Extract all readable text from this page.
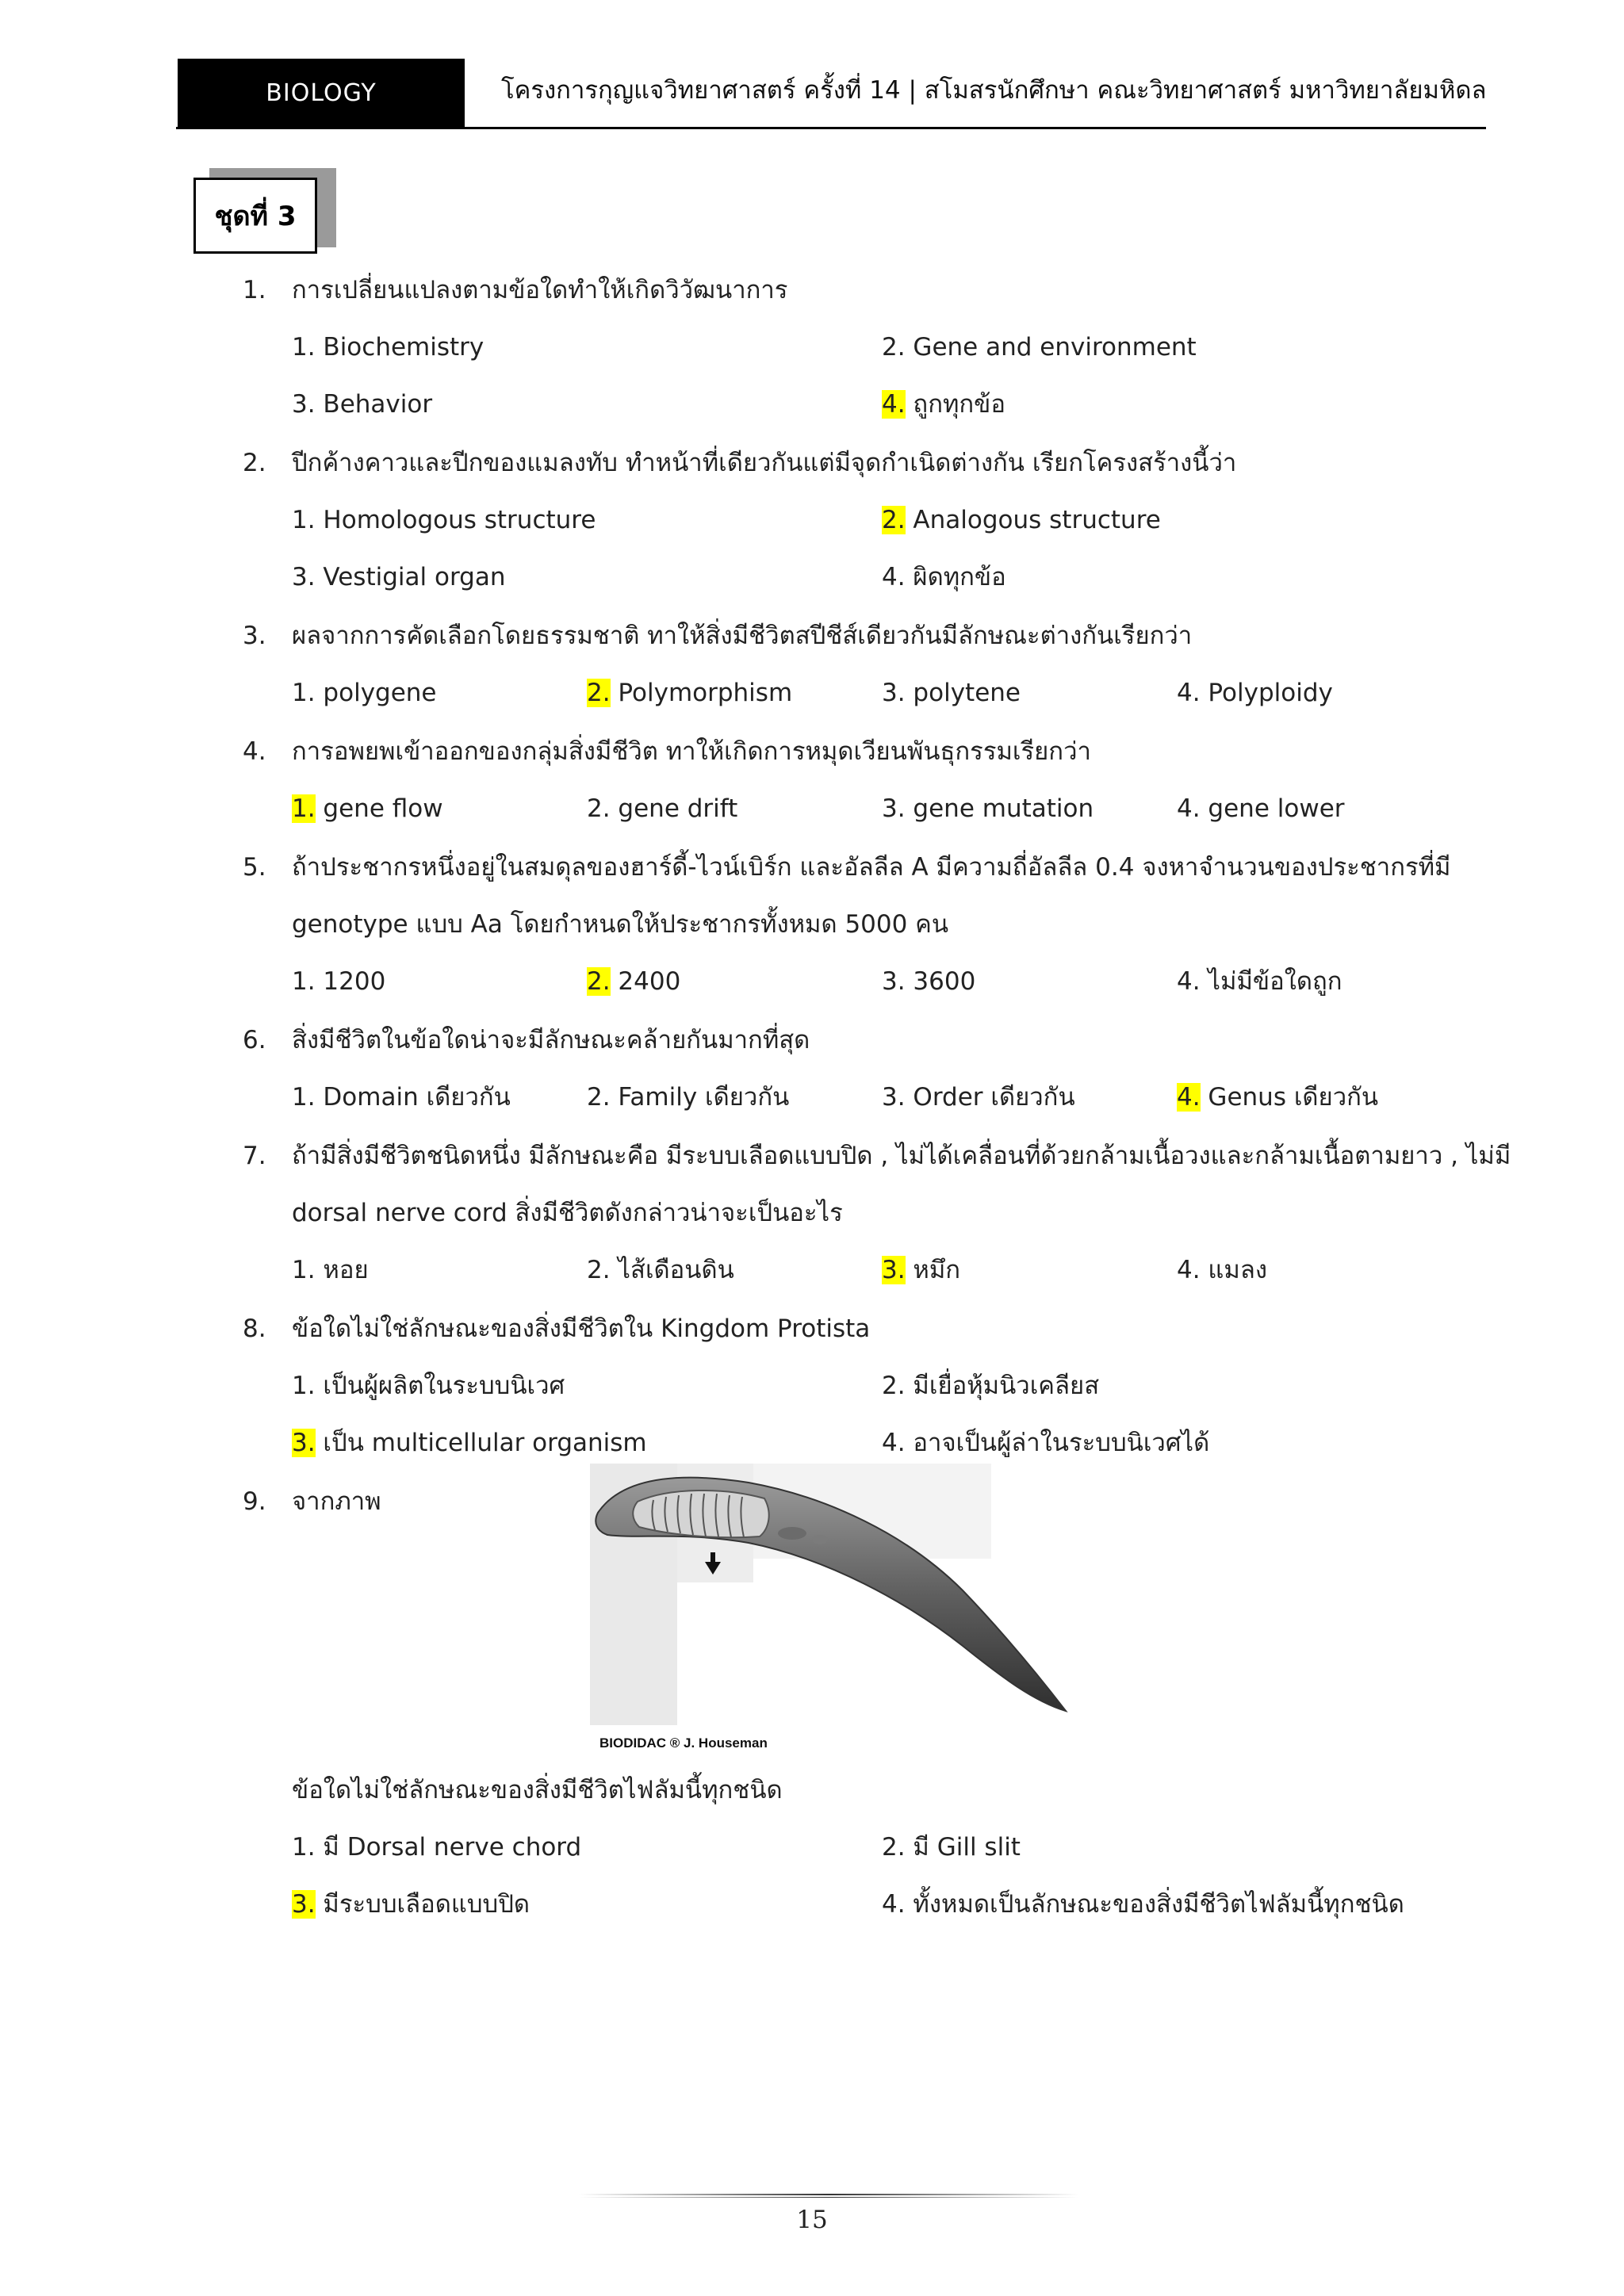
BIOLOGY	โครงการกุญแจวิทยาศาสตร์ ครั้งที่ 14 | สโมสรนักศึกษา คณะวิทยาศาสตร์ มหาวิทยาลัยมหิดล
ชุดที่ 3
1. การเปลี่ยนแปลงตามข้อใดทำให้เกิดวิวัฒนาการ
1. Biochemistry	2. Gene and environment
3. Behavior	4. ถูกทุกข้อ
2. ปีกค้างคาวและปีกของแมลงทับ ทำหน้าที่เดียวกันแต่มีจุดกำเนิดต่างกัน เรียกโครงสร้างนี้ว่า
1. Homologous structure	2. Analogous structure
3. Vestigial organ	4. ผิดทุกข้อ
3. ผลจากการคัดเลือกโดยธรรมชาติ ทาให้สิ่งมีชีวิตสปีชีส์เดียวกันมีลักษณะต่างกันเรียกว่า
1. polygene	2. Polymorphism	3. polytene	4. Polyploidy
4. การอพยพเข้าออกของกลุ่มสิ่งมีชีวิต ทาให้เกิดการหมุดเวียนพันธุกรรมเรียกว่า
1. gene flow	2. gene drift	3. gene mutation	4. gene lower
5. ถ้าประชากรหนึ่งอยู่ในสมดุลของฮาร์ดี้-ไวน์เบิร์ก และอัลลีล A มีความถี่อัลลีล 0.4 จงหาจำนวนของประชากรที่มี
genotype แบบ Aa โดยกำหนดให้ประชากรทั้งหมด 5000 คน
1. 1200	2. 2400	3. 3600	4. ไม่มีข้อใดถูก
6. สิ่งมีชีวิตในข้อใดน่าจะมีลักษณะคล้ายกันมากที่สุด
1. Domain เดียวกัน	2. Family เดียวกัน	3. Order เดียวกัน	4. Genus เดียวกัน
7. ถ้ามีสิ่งมีชีวิตชนิดหนึ่ง มีลักษณะคือ มีระบบเลือดแบบปิด , ไม่ได้เคลื่อนที่ด้วยกล้ามเนื้อวงและกล้ามเนื้อตามยาว , ไม่มี
dorsal nerve cord สิ่งมีชีวิตดังกล่าวน่าจะเป็นอะไร
1. หอย	2. ไส้เดือนดิน	3. หมึก	4. แมลง
8. ข้อใดไม่ใช่ลักษณะของสิ่งมีชีวิตใน Kingdom Protista
1. เป็นผู้ผลิตในระบบนิเวศ	2. มีเยื่อหุ้มนิวเคลียส
3. เป็น multicellular organism	4. อาจเป็นผู้ล่าในระบบนิเวศได้
9. จากภาพ
BIODIDAC ® J. Houseman
ข้อใดไม่ใช่ลักษณะของสิ่งมีชีวิตไฟลัมนี้ทุกชนิด
1. มี Dorsal nerve chord	2. มี Gill slit
3. มีระบบเลือดแบบปิด	4. ทั้งหมดเป็นลักษณะของสิ่งมีชีวิตไฟลัมนี้ทุกชนิด
15
